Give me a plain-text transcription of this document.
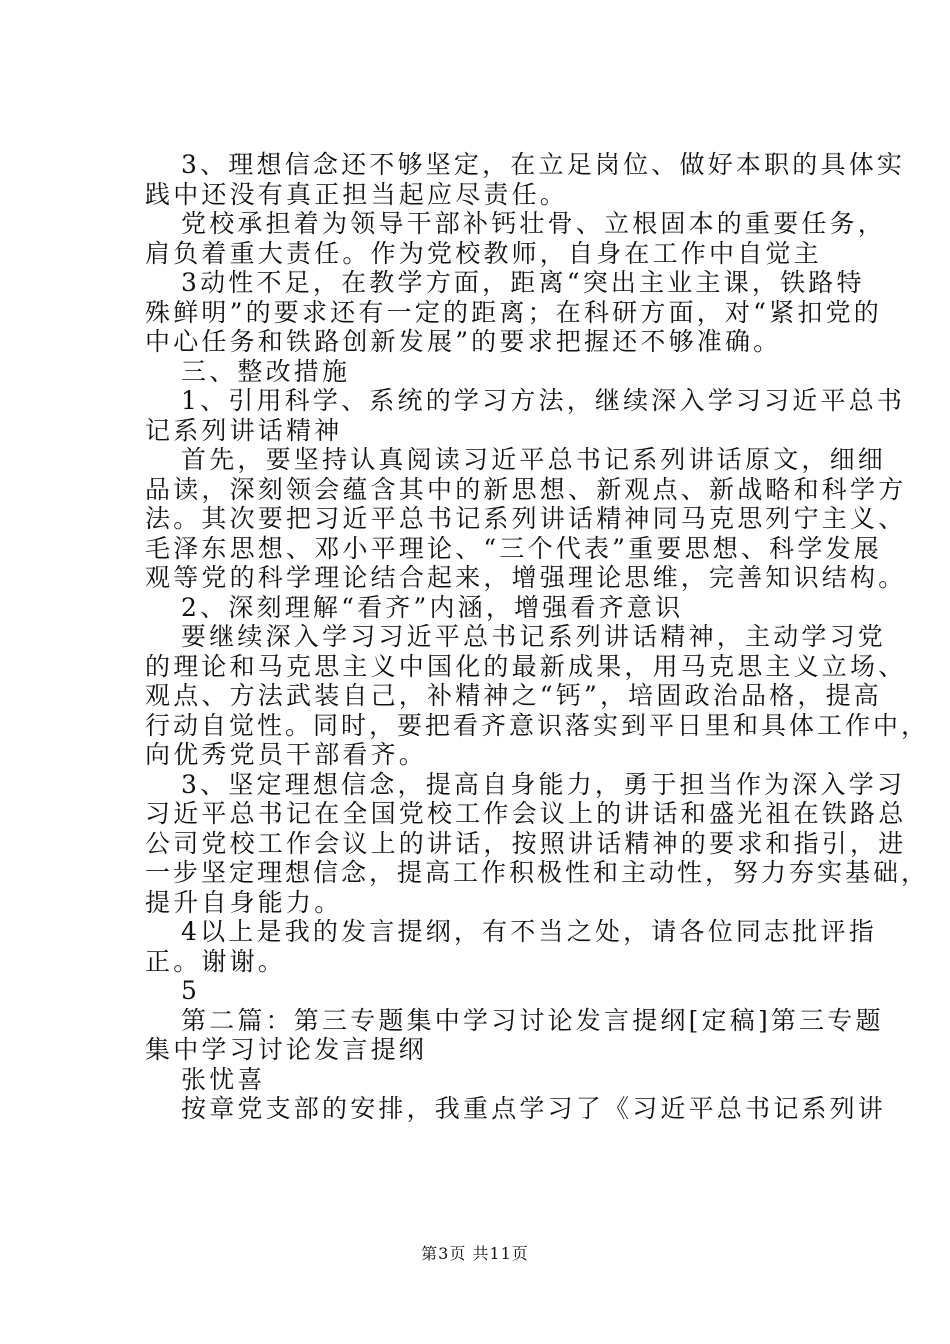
3、理想信念还不够坚定，在立足岗位、做好本职的具体实
践中还没有真正担当起应尽责任。
党校承担着为领导干部补钙壮骨、立根固本的重要任务，
肩负着重大责任。作为党校教师，自身在工作中自觉主
3动性不足，在教学方面，距离“突出主业主课，铁路特
殊鲜明”的要求还有一定的距离；在科研方面，对“紧扣党的
中心任务和铁路创新发展”的要求把握还不够准确。
三、整改措施
1、引用科学、系统的学习方法，继续深入学习习近平总书
记系列讲话精神
首先，要坚持认真阅读习近平总书记系列讲话原文，细细
品读，深刻领会蕴含其中的新思想、新观点、新战略和科学方
法。其次要把习近平总书记系列讲话精神同马克思列宁主义、
毛泽东思想、邓小平理论、“三个代表”重要思想、科学发展
观等党的科学理论结合起来，增强理论思维，完善知识结构。
2、深刻理解“看齐”内涵，增强看齐意识
要继续深入学习习近平总书记系列讲话精神，主动学习党
的理论和马克思主义中国化的最新成果，用马克思主义立场、
观点、方法武装自己，补精神之“钙”，培固政治品格，提高
行动自觉性。同时，要把看齐意识落实到平日里和具体工作中，
向优秀党员干部看齐。
3、坚定理想信念，提高自身能力，勇于担当作为深入学习
习近平总书记在全国党校工作会议上的讲话和盛光祖在铁路总
公司党校工作会议上的讲话，按照讲话精神的要求和指引，进
一步坚定理想信念，提高工作积极性和主动性，努力夯实基础，
提升自身能力。
4以上是我的发言提纲，有不当之处，请各位同志批评指
正。谢谢。
5
第二篇：第三专题集中学习讨论发言提纲[定稿]第三专题
集中学习讨论发言提纲
张忧喜
按章党支部的安排，我重点学习了《习近平总书记系列讲
第3页 共11页
